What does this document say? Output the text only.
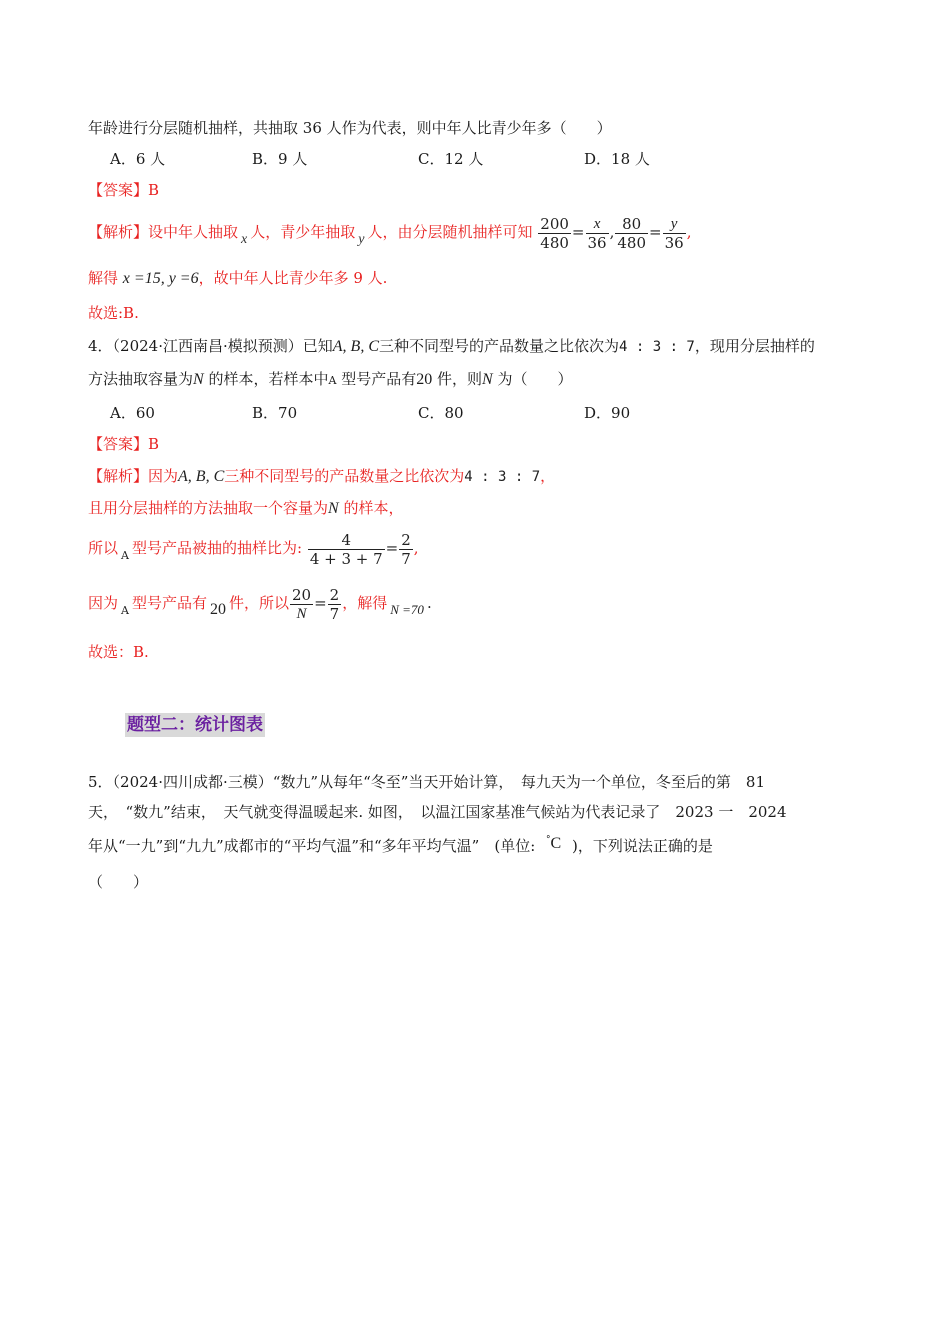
年龄进行分层随机抽样，共抽取 36 人作为代表，则中年人比青少年多（　　）
A．6 人	B．9 人	C．12 人	D．18 人
【答案】B
【解析】设中年人抽取 x 人，青少年抽取 y 人，由分层随机抽样可知 $\frac{200}{480} = \frac{x}{36}$ , $\frac{80}{480} = \frac{y}{36}$ ,
解得 x =15, y =6，故中年人比青少年多 9 人.
故选:B.
4．（2024·江西南昌·模拟预测）已知A, B, C三种不同型号的产品数量之比依次为4 : 3 : 7，现用分层抽样的
方法抽取容量为N 的样本，若样本中A 型号产品有20 件，则N 为（　　）
A．60	B．70	C．80	D．90
【答案】B
【解析】因为A, B, C三种不同型号的产品数量之比依次为4 : 3 : 7，
且用分层抽样的方法抽取一个容量为N 的样本，
所以 $_A$ 型号产品被抽的抽样比为: $\frac{4}{4 + 3 + 7} = \frac{2}{7}$ ,
因为 $_A$ 型号产品有 20 件，所以 $\frac{20}{N} = \frac{2}{7}$ ，解得 N =70 .
故选：B.
题型二：统计图表
5．（2024·四川成都·三模）“数九”从每年“冬至”当天开始计算，　每九天为一个单位，冬至后的第　81
天，　“数九”结束，　天气就变得温暖起来. 如图，　以温江国家基准气候站为代表记录了　2023 一　2024
年从“一九”到“九九”成都市的“平均气温”和“多年平均气温”　(单位: °C )，下列说法正确的是
（　　）
